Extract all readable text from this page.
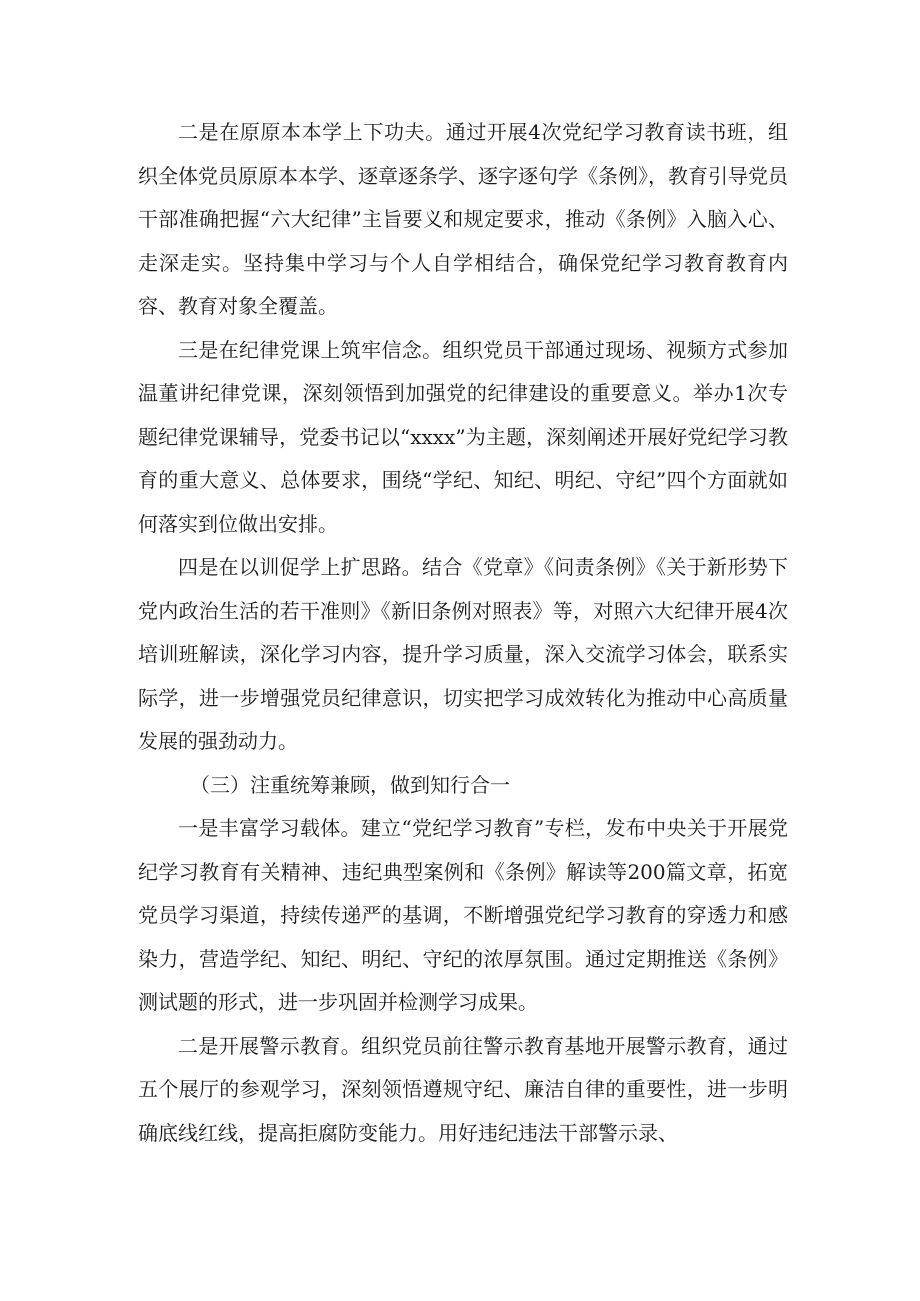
二是在原原本本学上下功夫。通过开展4次党纪学习教育读书班，组织全体党员原原本本学、逐章逐条学、逐字逐句学《条例》，教育引导党员干部准确把握“六大纪律”主旨要义和规定要求，推动《条例》入脑入心、走深走实。坚持集中学习与个人自学相结合，确保党纪学习教育教育内容、教育对象全覆盖。

三是在纪律党课上筑牢信念。组织党员干部通过现场、视频方式参加温董讲纪律党课，深刻领悟到加强党的纪律建设的重要意义。举办1次专题纪律党课辅导，党委书记以“xxxx”为主题，深刻阐述开展好党纪学习教育的重大意义、总体要求，围绕“学纪、知纪、明纪、守纪”四个方面就如何落实到位做出安排。

四是在以训促学上扩思路。结合《党章》《问责条例》《关于新形势下党内政治生活的若干准则》《新旧条例对照表》等，对照六大纪律开展4次培训班解读，深化学习内容，提升学习质量，深入交流学习体会，联系实际学，进一步增强党员纪律意识，切实把学习成效转化为推动中心高质量发展的强劲动力。

（三）注重统筹兼顾，做到知行合一

一是丰富学习载体。建立“党纪学习教育”专栏，发布中央关于开展党纪学习教育有关精神、违纪典型案例和《条例》解读等200篇文章，拓宽党员学习渠道，持续传递严的基调，不断增强党纪学习教育的穿透力和感染力，营造学纪、知纪、明纪、守纪的浓厚氛围。通过定期推送《条例》测试题的形式，进一步巩固并检测学习成果。

二是开展警示教育。组织党员前往警示教育基地开展警示教育，通过五个展厅的参观学习，深刻领悟遵规守纪、廉洁自律的重要性，进一步明确底线红线，提高拒腐防变能力。用好违纪违法干部警示录、
